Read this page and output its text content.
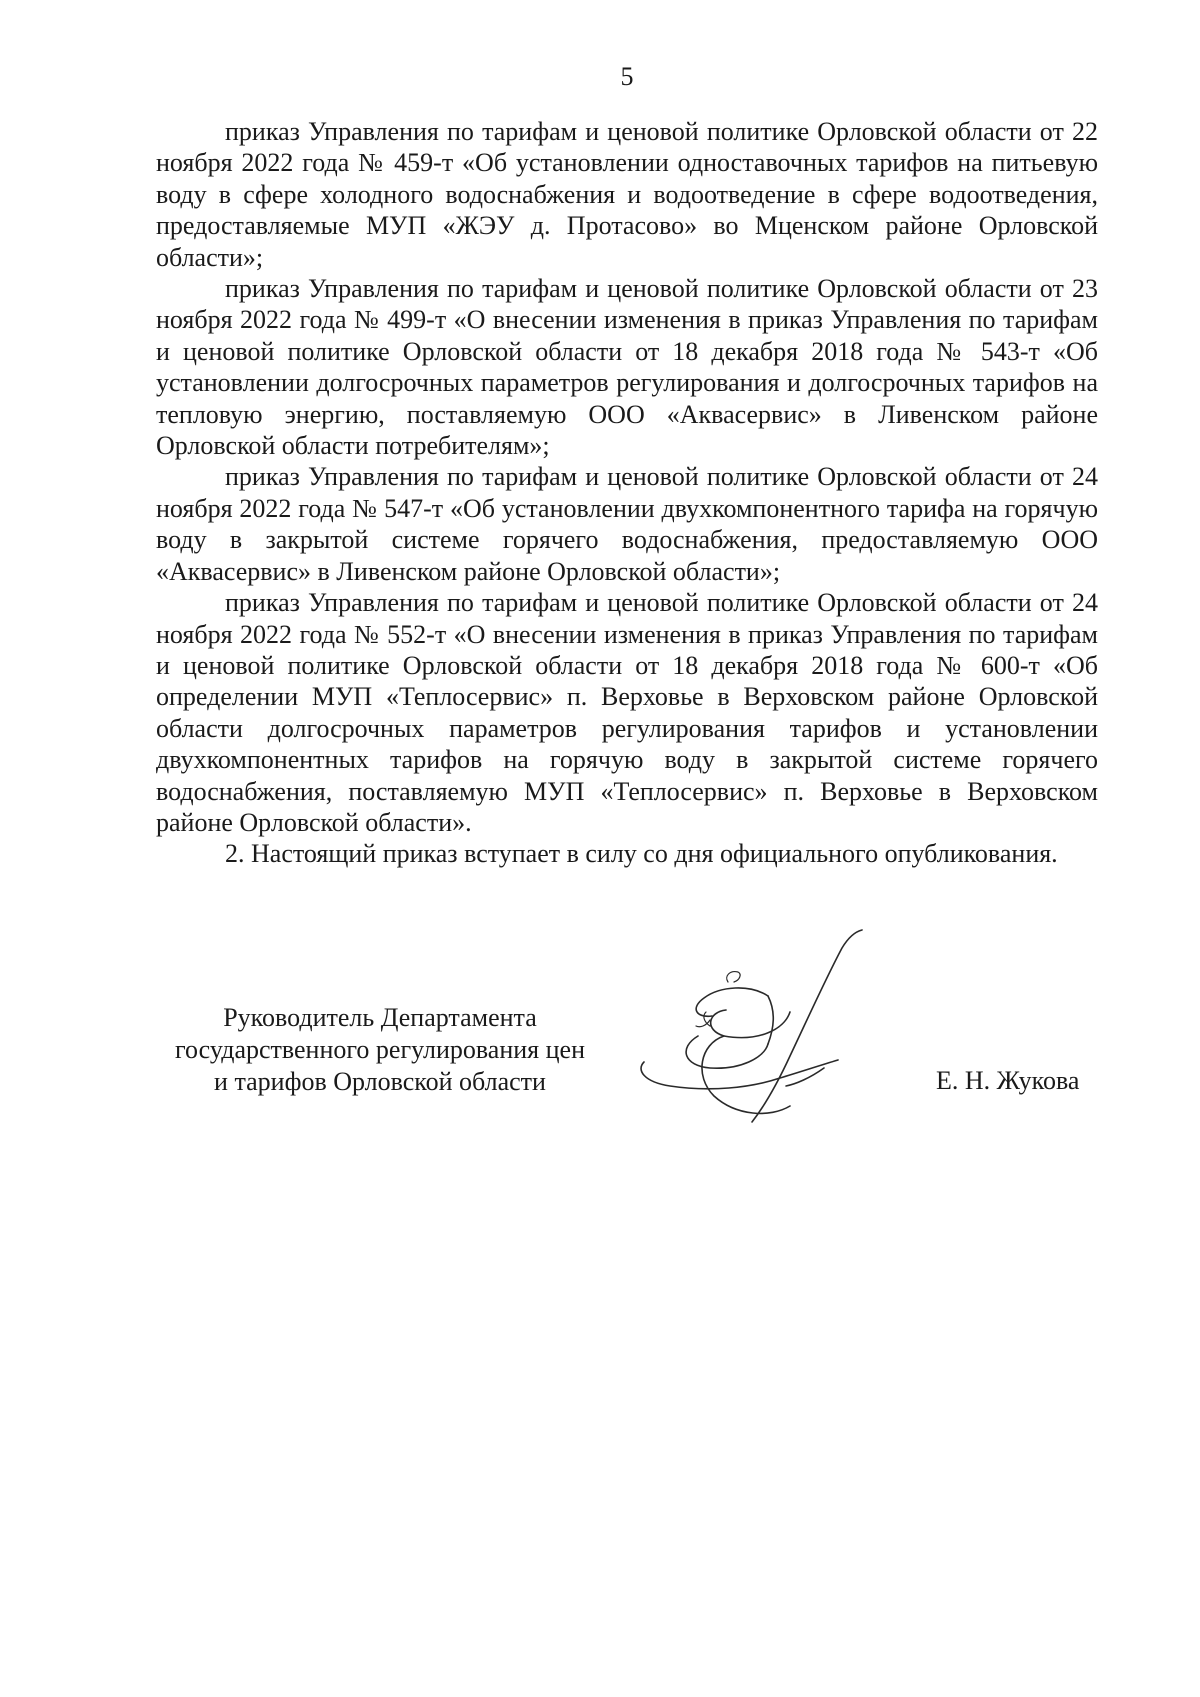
5

приказ Управления по тарифам и ценовой политике Орловской области от 22 ноября 2022 года № 459-т «Об установлении одноставочных тарифов на питьевую воду в сфере холодного водоснабжения и водоотведение в сфере водоотведения, предоставляемые МУП «ЖЭУ д. Протасово» во Мценском районе Орловской области»;

приказ Управления по тарифам и ценовой политике Орловской области от 23 ноября 2022 года № 499-т «О внесении изменения в приказ Управления по тарифам и ценовой политике Орловской области от 18 декабря 2018 года № 543-т «Об установлении долгосрочных параметров регулирования и долгосрочных тарифов на тепловую энергию, поставляемую ООО «Аквасервис» в Ливенском районе Орловской области потребителям»;

приказ Управления по тарифам и ценовой политике Орловской области от 24 ноября 2022 года № 547-т «Об установлении двухкомпонентного тарифа на горячую воду в закрытой системе горячего водоснабжения, предоставляемую ООО «Аквасервис» в Ливенском районе Орловской области»;

приказ Управления по тарифам и ценовой политике Орловской области от 24 ноября 2022 года № 552-т «О внесении изменения в приказ Управления по тарифам и ценовой политике Орловской области от 18 декабря 2018 года № 600-т «Об определении МУП «Теплосервис» п. Верховье в Верховском районе Орловской области долгосрочных параметров регулирования тарифов и установлении двухкомпонентных тарифов на горячую воду в закрытой системе горячего водоснабжения, поставляемую МУП «Теплосервис» п. Верховье в Верховском районе Орловской области».

2. Настоящий приказ вступает в силу со дня официального опубликования.

Руководитель Департамента
государственного регулирования цен
и тарифов Орловской области	Е. Н. Жукова
